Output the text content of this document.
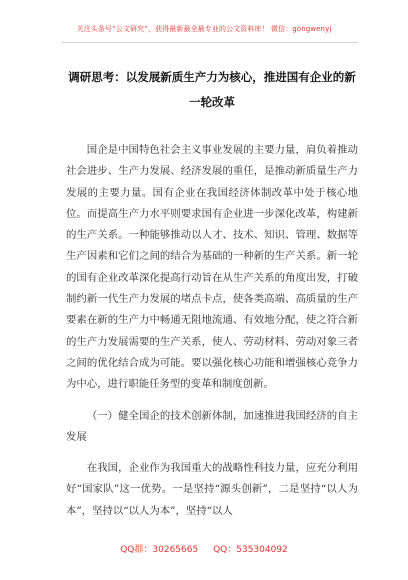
关注头条号“公文研究”，获得最新最全最专业的公文资料库！ 微信：gongwenyj
调研思考：以发展新质生产力为核心，推进国有企业的新
一轮改革

国企是中国特色社会主义事业发展的主要力量，肩负着推动社会进步、生产力发展、经济发展的重任，是推动新质量生产力发展的主要力量。国有企业在我国经济体制改革中处于核心地位。而提高生产力水平则要求国有企业进一步深化改革，构建新的生产关系。一种能够推动以人才、技术、知识、管理、数据等生产因素和它们之间的结合为基础的一种新的生产关系。新一轮的国有企业改革深化提高行动旨在从生产关系的角度出发，打破制约新一代生产力发展的堵点卡点，使各类高端、高质量的生产要素在新的生产力中畅通无阻地流通、有效地分配，使之符合新的生产力发展需要的生产关系，使人、劳动材料、劳动对象三者之间的优化结合成为可能。要以强化核心功能和增强核心竞争力为中心，进行职能任务型的变革和制度创新。

（一）健全国企的技术创新体制，加速推进我国经济的自主发展

在我国，企业作为我国重大的战略性科技力量，应充分利用好“国家队”这一优势。一是坚持“源头创新”，二是坚持“以人为本”，坚持以“以人为本”，坚持“以人

QQ群：30265665 QQ：535304092
